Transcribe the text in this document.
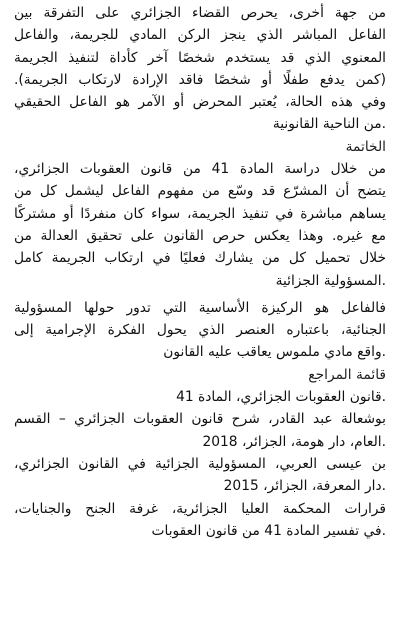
من جهة أخرى، يحرص القضاء الجزائري على التفرقة بين
الفاعل المباشر الذي ينجز الركن المادي للجريمة، والفاعل
المعنوي الذي قد يستخدم شخصًا آخر كأداة لتنفيذ الجريمة
(كمن يدفع طفلًا أو شخصًا فاقد الإرادة لارتكاب الجريمة).
وفي هذه الحالة، يُعتبر المحرض أو الآمر هو الفاعل الحقيقي
.من الناحية القانونية
الخاتمة
من خلال دراسة المادة 41 من قانون العقوبات الجزائري،
يتضح أن المشرّع قد وسّع من مفهوم الفاعل ليشمل كل من
يساهم مباشرة في تنفيذ الجريمة، سواء كان منفردًا أو مشتركًا
مع غيره. وهذا يعكس حرص القانون على تحقيق العدالة من
خلال تحميل كل من يشارك فعليًا في ارتكاب الجريمة كامل
.المسؤولية الجزائية
فالفاعل هو الركيزة الأساسية التي تدور حولها المسؤولية
الجنائية، باعتباره العنصر الذي يحول الفكرة الإجرامية إلى
.واقع مادي ملموس يعاقب عليه القانون
قائمة المراجع
.قانون العقوبات الجزائري، المادة 41
بوشعالة عبد القادر، شرح قانون العقوبات الجزائري – القسم
.العام، دار هومة، الجزائر، 2018
بن عيسى العربي، المسؤولية الجزائية في القانون الجزائري،
.دار المعرفة، الجزائر، 2015
قرارات المحكمة العليا الجزائرية، غرفة الجنح والجنايات،
.في تفسير المادة 41 من قانون العقوبات
